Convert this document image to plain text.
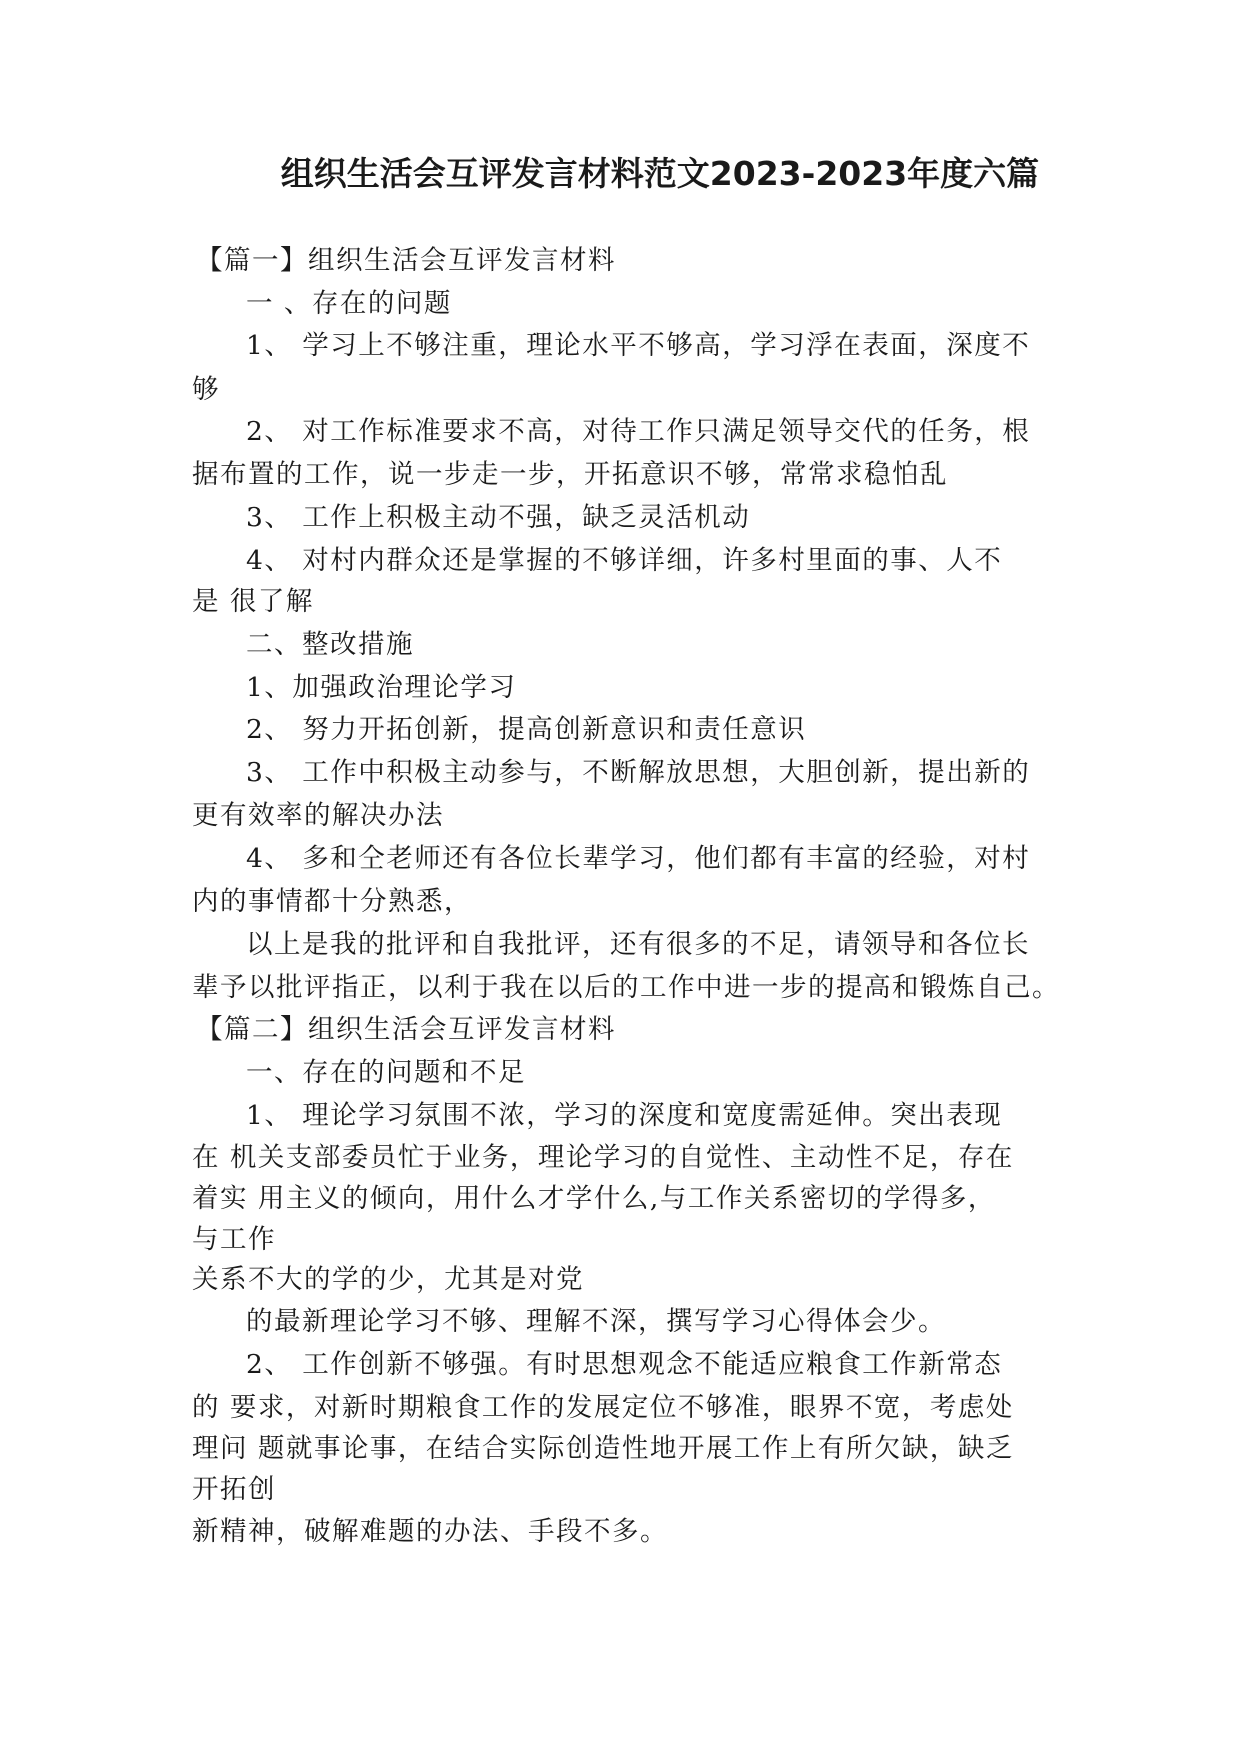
组织生活会互评发言材料范文2023-2023年度六篇

【篇一】组织生活会互评发言材料

一 、存在的问题

1、 学习上不够注重，理论水平不够高，学习浮在表面，深度不

够

2、 对工作标准要求不高，对待工作只满足领导交代的任务，根

据布置的工作，说一步走一步，开拓意识不够，常常求稳怕乱

3、 工作上积极主动不强，缺乏灵活机动

4、 对村内群众还是掌握的不够详细，许多村里面的事、人不

是 很了解

二、整改措施

1、加强政治理论学习

2、 努力开拓创新，提高创新意识和责任意识

3、 工作中积极主动参与，不断解放思想，大胆创新，提出新的

更有效率的解决办法

4、 多和仝老师还有各位长辈学习，他们都有丰富的经验，对村

内的事情都十分熟悉，

以上是我的批评和自我批评，还有很多的不足，请领导和各位长

辈予以批评指正，以利于我在以后的工作中进一步的提高和锻炼自己。

【篇二】组织生活会互评发言材料

一、存在的问题和不足

1、 理论学习氛围不浓，学习的深度和宽度需延伸。突出表现

在 机关支部委员忙于业务，理论学习的自觉性、主动性不足，存在

着实 用主义的倾向，用什么才学什么,与工作关系密切的学得多，

与工作

关系不大的学的少，尤其是对党

的最新理论学习不够、理解不深，撰写学习心得体会少。

2、 工作创新不够强。有时思想观念不能适应粮食工作新常态

的 要求，对新时期粮食工作的发展定位不够准，眼界不宽，考虑处

理问 题就事论事，在结合实际创造性地开展工作上有所欠缺，缺乏

开拓创

新精神，破解难题的办法、手段不多。
